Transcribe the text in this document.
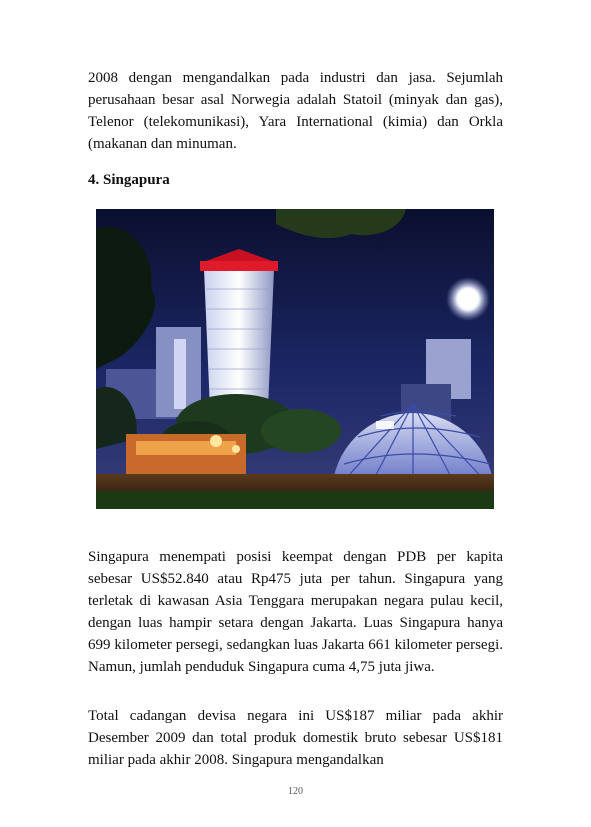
2008 dengan mengandalkan pada industri dan jasa. Sejumlah perusahaan besar asal Norwegia adalah Statoil (minyak dan gas), Telenor (telekomunikasi), Yara International (kimia) dan Orkla (makanan dan minuman.

4. Singapura

Singapura menempati posisi keempat dengan PDB per kapita sebesar US$52.840 atau Rp475 juta per tahun. Singapura yang terletak di kawasan Asia Tenggara merupakan negara pulau kecil, dengan luas hampir setara dengan Jakarta. Luas Singapura hanya 699 kilometer persegi, sedangkan luas Jakarta 661 kilometer persegi. Namun, jumlah penduduk Singapura cuma 4,75 juta jiwa.

Total cadangan devisa negara ini US$187 miliar pada akhir Desember 2009 dan total produk domestik bruto sebesar US$181 miliar pada akhir 2008. Singapura mengandalkan

120
